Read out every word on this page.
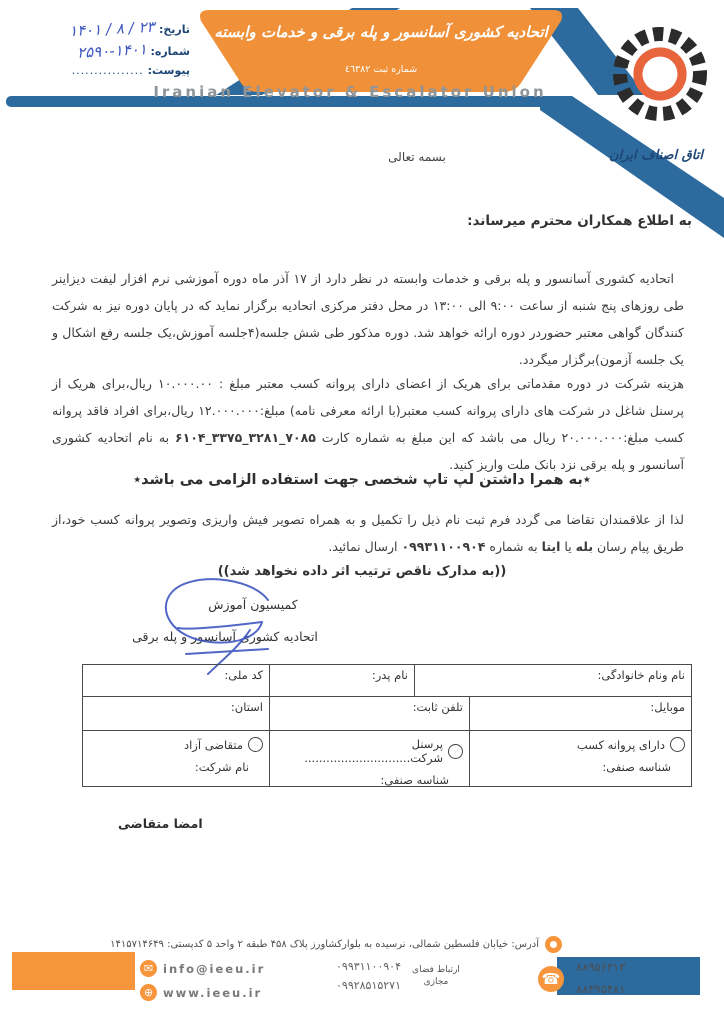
تاریخ:
۲۳ / ۸ / ۱۴۰۱
شماره:
۲۵۹۰-۱۴۰۱
پیوست:
................
اتحادیه کشوری آسانسور و پله برقی و خدمات وابسته
شماره ثبت ٤٦٣٨٢
Iranian Elevator & Escalator Union
اتاق اصناف ایران
بسمه تعالی
به اطلاع همکاران محترم میرساند:
اتحادیه کشوری آسانسور و پله برقی و خدمات وابسته در نظر دارد از ۱۷ آذر ماه دوره آموزشی نرم افزار لیفت دیزاینر طی روزهای پنج شنبه از ساعت ۹:۰۰ الی ۱۳:۰۰ در محل دفتر مرکزی اتحادیه برگزار نماید که در پایان دوره نیز به شرکت کنندگان گواهی معتبر حضوردر دوره ارائه خواهد شد. دوره مذکور طی شش جلسه(۴جلسه آموزش،یک جلسه رفع اشکال و یک جلسه آزمون)برگزار میگردد.
هزینه شرکت در دوره مقدماتی برای هریک از اعضای دارای پروانه کسب معتبر مبلغ : ۱۰.۰۰۰.۰۰ ریال،برای هریک از پرسنل شاغل در شرکت های دارای پروانه کسب معتبر(با ارائه معرفی نامه) مبلغ:۱۲.۰۰۰.۰۰۰ ریال،برای افراد فاقد پروانه کسب مبلغ:۲۰.۰۰۰.۰۰۰ ریال می باشد که این مبلغ به شماره کارت ۶۱۰۴_۳۳۷۵_۳۲۸۱_۷۰۸۵ به نام اتحادیه کشوری آسانسور و پله برقی نزد بانک ملت واریز کنید.
٭به همرا داشتن لپ تاپ شخصی جهت استفاده الزامی می باشد٭
لذا از علاقمندان تقاضا می گردد فرم ثبت نام ذیل را تکمیل و به همراه تصویر فیش واریزی وتصویر پروانه کسب خود،از طریق پیام رسان بله یا ایتا به شماره ۰۹۹۳۱۱۰۰۹۰۴ ارسال نمائید.
((به مدارک ناقص ترتیب اثر داده نخواهد شد))
کمیسیون آموزش
اتحادیه کشوری آسانسور و پله برقی
نام ونام خانوادگی:
نام پدر:
کد ملی:
موبایل:
تلفن ثابت:
استان:
دارای پروانه کسب
شناسه صنفی:
پرسنل شرکت.............................
شناسه صنفی:
متقاضی آزاد
نام شرکت:
امضا متقاضی
آدرس: خیابان فلسطین شمالی، نرسیده به بلوارکشاورز پلاک ۴۵۸ طبقه ۲ واحد ۵ کدپستی: ۱۴۱۵۷۱۴۶۴۹
✉ info@ieeu.ir
⊕ www.ieeu.ir
۰۹۹۳۱۱۰۰۹۰۴
۰۹۹۲۸۵۱۵۲۷۱
ارتباط فضای مجازی	☎
۸۸۹۵۶۳۱۳
۸۸۳۹۵۴۸۱
